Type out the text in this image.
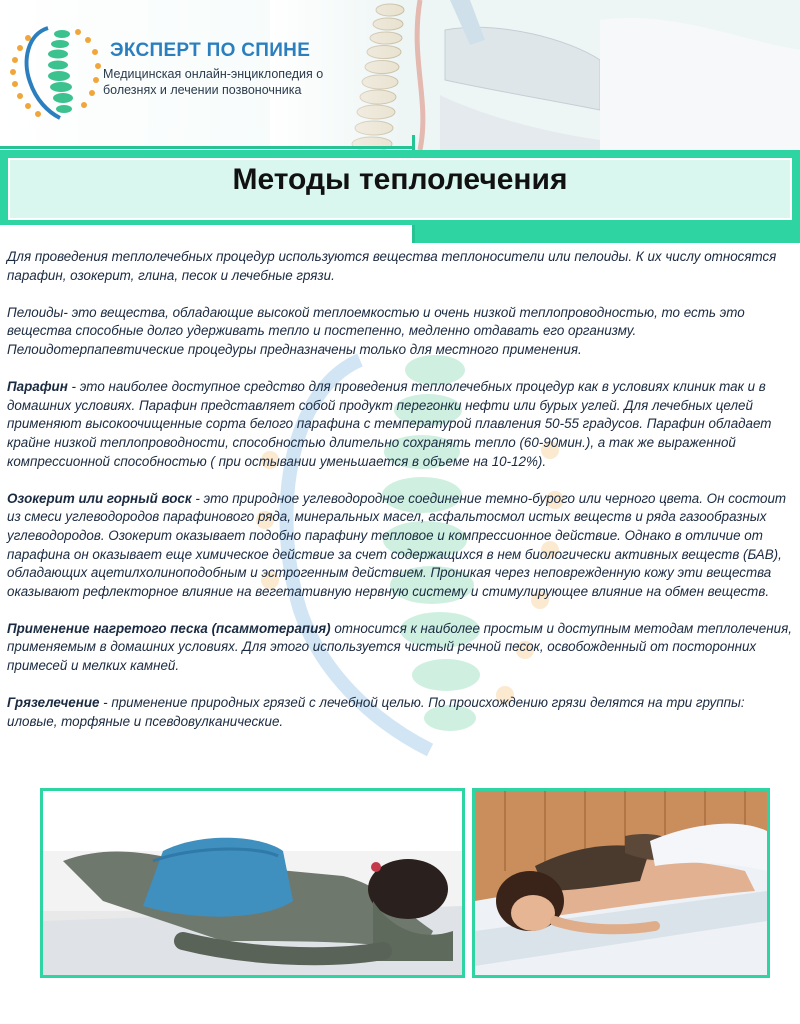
ЭКСПЕРТ ПО СПИНЕ
Медицинская онлайн-энциклопедия о болезнях и лечении позвоночника
Методы теплолечения

Для проведения теплолечебных процедур используются вещества теплоносители или пелоиды. К их числу относятся парафин, озокерит, глина, песок и лечебные грязи.

Пелоиды- это вещества, обладающие высокой теплоемкостью и очень низкой теплопроводностью, то есть это вещества способные долго удерживать тепло и постепенно, медленно отдавать его организму. Пелоидотерпапевтические процедуры предназначены только для местного применения.

Парафин - это наиболее доступное средство для проведения теплолечебных процедур как в условиях клиник так и в домашних условиях. Парафин представляет собой продукт перегонки нефти или бурых углей. Для лечебных целей применяют высокоочищенные сорта белого парафина с температурой плавления 50-55 градусов. Парафин обладает крайне низкой теплопроводности, способностью длительно сохранять тепло (60-90мин.), а так же выраженной компрессионной способностью ( при остывании уменьшается в объеме на 10-12%).

Озокерит или горный воск - это природное углеводородное соединение темно-бурого или черного цвета. Он состоит из смеси углеводородов парафинового ряда, минеральных масел, асфальтосмол истых веществ и ряда газообразных углеводородов. Озокерит оказывает подобно парафину тепловое и компрессионное действие. Однако в отличие от парафина он оказывает еще химическое действие за счет содержащихся в нем биологически активных веществ (БАВ), обладающих ацетилхолиноподобным и эстрогенным действием. Проникая через неповрежденную кожу эти вещества оказывают рефлекторное влияние на вегетативную нервную систему и стимулирующее влияние на обмен веществ.

Применение нагретого песка (псаммотерапия) относится к наиболее простым и доступным методам теплолечения, применяемым в домашних условиях. Для этого используется чистый речной песок, освобожденный от посторонних примесей и мелких камней.

Грязелечение - применение природных грязей с лечебной целью. По происхождению грязи делятся на три группы: иловые, торфяные и псевдовулканические.
